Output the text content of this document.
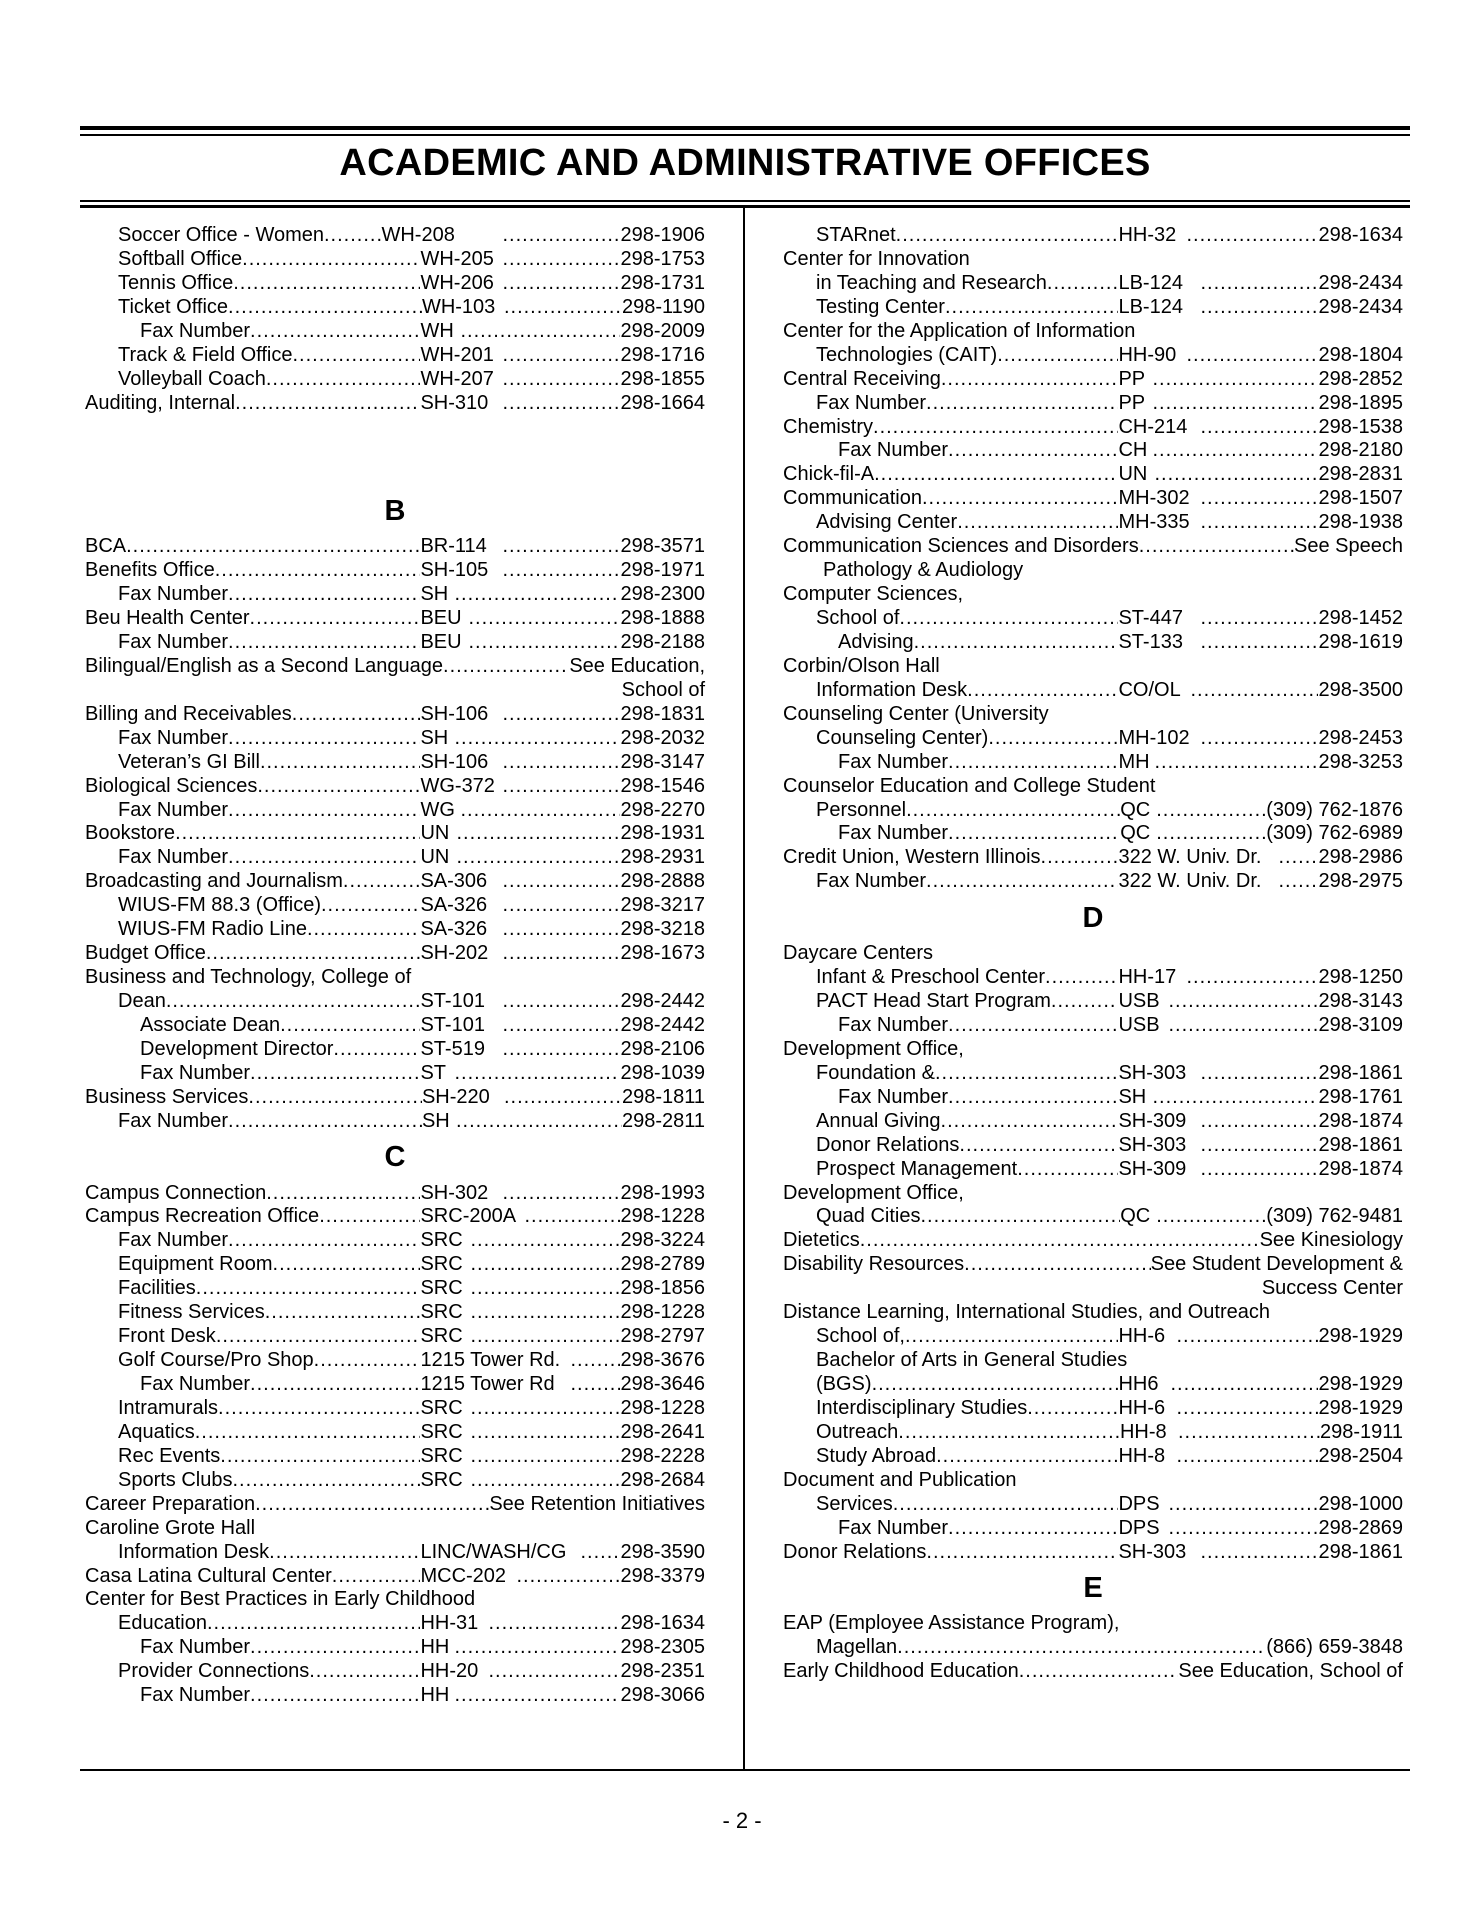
ACADEMIC AND ADMINISTRATIVE OFFICES
Soccer Office - Women .....	WH-208 .....	298-1906
Softball Office .....	WH-205 .....	298-1753
Tennis Office .....	WH-206 .....	298-1731
Ticket Office .....	WH-103 .....	298-1190
Fax Number .....	WH .....	298-2009
Track & Field Office .....	WH-201 .....	298-1716
Volleyball Coach .....	WH-207 .....	298-1855
Auditing, Internal .....	SH-310 .....	298-1664
B
BCA .....	BR-114 .....	298-3571
Benefits Office .....	SH-105 .....	298-1971
Fax Number .....	SH .....	298-2300
Beu Health Center .....	BEU .....	298-1888
Fax Number .....	BEU .....	298-2188
Bilingual/English as a Second Language .....	See Education,
School of
Billing and Receivables .....	SH-106 .....	298-1831
Fax Number .....	SH .....	298-2032
Veteran’s GI Bill .....	SH-106 .....	298-3147
Biological Sciences .....	WG-372 .....	298-1546
Fax Number .....	WG .....	298-2270
Bookstore .....	UN .....	298-1931
Fax Number .....	UN .....	298-2931
Broadcasting and Journalism .....	SA-306 .....	298-2888
WIUS-FM 88.3 (Office) .....	SA-326 .....	298-3217
WIUS-FM Radio Line .....	SA-326 .....	298-3218
Budget Office .....	SH-202 .....	298-1673
Business and Technology, College of
Dean .....	ST-101 .....	298-2442
Associate Dean .....	ST-101 .....	298-2442
Development Director .....	ST-519 .....	298-2106
Fax Number .....	ST .....	298-1039
Business Services .....	SH-220 .....	298-1811
Fax Number .....	SH .....	298-2811
C
Campus Connection .....	SH-302 .....	298-1993
Campus Recreation Office .....	SRC-200A .....	298-1228
Fax Number .....	SRC .....	298-3224
Equipment Room .....	SRC .....	298-2789
Facilities .....	SRC .....	298-1856
Fitness Services .....	SRC .....	298-1228
Front Desk .....	SRC .....	298-2797
Golf Course/Pro Shop .....	1215 Tower Rd. .....	298-3676
Fax Number .....	1215 Tower Rd .....	298-3646
Intramurals .....	SRC .....	298-1228
Aquatics .....	SRC .....	298-2641
Rec Events .....	SRC .....	298-2228
Sports Clubs .....	SRC .....	298-2684
Career Preparation .....	See Retention Initiatives
Caroline Grote Hall
Information Desk .....	LINC/WASH/CG .....	298-3590
Casa Latina Cultural Center .....	MCC-202 .....	298-3379
Center for Best Practices in Early Childhood
Education .....	HH-31 .....	298-1634
Fax Number .....	HH .....	298-2305
Provider Connections .....	HH-20 .....	298-2351
Fax Number .....	HH .....	298-3066
STARnet .....	HH-32 .....	298-1634
Center for Innovation
in Teaching and Research .....	LB-124 .....	298-2434
Testing Center .....	LB-124 .....	298-2434
Center for the Application of Information
Technologies (CAIT) .....	HH-90 .....	298-1804
Central Receiving .....	PP .....	298-2852
Fax Number .....	PP .....	298-1895
Chemistry .....	CH-214 .....	298-1538
Fax Number .....	CH .....	298-2180
Chick-fil-A .....	UN .....	298-2831
Communication .....	MH-302 .....	298-1507
Advising Center .....	MH-335 .....	298-1938
Communication Sciences and Disorders .....	See Speech
Pathology & Audiology
Computer Sciences,
School of .....	ST-447 .....	298-1452
Advising .....	ST-133 .....	298-1619
Corbin/Olson Hall
Information Desk .....	CO/OL .....	298-3500
Counseling Center (University
Counseling Center) .....	MH-102 .....	298-2453
Fax Number .....	MH .....	298-3253
Counselor Education and College Student
Personnel .....	QC .....	(309) 762-1876
Fax Number .....	QC .....	(309) 762-6989
Credit Union, Western Illinois .....	322 W. Univ. Dr. .....	298-2986
Fax Number .....	322 W. Univ. Dr. .....	298-2975
D
Daycare Centers
Infant & Preschool Center .....	HH-17 .....	298-1250
PACT Head Start Program .....	USB .....	298-3143
Fax Number .....	USB .....	298-3109
Development Office,
Foundation & .....	SH-303 .....	298-1861
Fax Number .....	SH .....	298-1761
Annual Giving .....	SH-309 .....	298-1874
Donor Relations .....	SH-303 .....	298-1861
Prospect Management .....	SH-309 .....	298-1874
Development Office,
Quad Cities .....	QC .....	(309) 762-9481
Dietetics .....	See Kinesiology
Disability Resources .....	See Student Development &
Success Center
Distance Learning, International Studies, and Outreach
School of, .....	HH-6 .....	298-1929
Bachelor of Arts in General Studies
(BGS) .....	HH6 .....	298-1929
Interdisciplinary Studies .....	HH-6 .....	298-1929
Outreach .....	HH-8 .....	298-1911
Study Abroad .....	HH-8 .....	298-2504
Document and Publication
Services .....	DPS .....	298-1000
Fax Number .....	DPS .....	298-2869
Donor Relations .....	SH-303 .....	298-1861
E
EAP (Employee Assistance Program),
Magellan .....	(866) 659-3848
Early Childhood Education .....	See Education, School of
- 2 -
